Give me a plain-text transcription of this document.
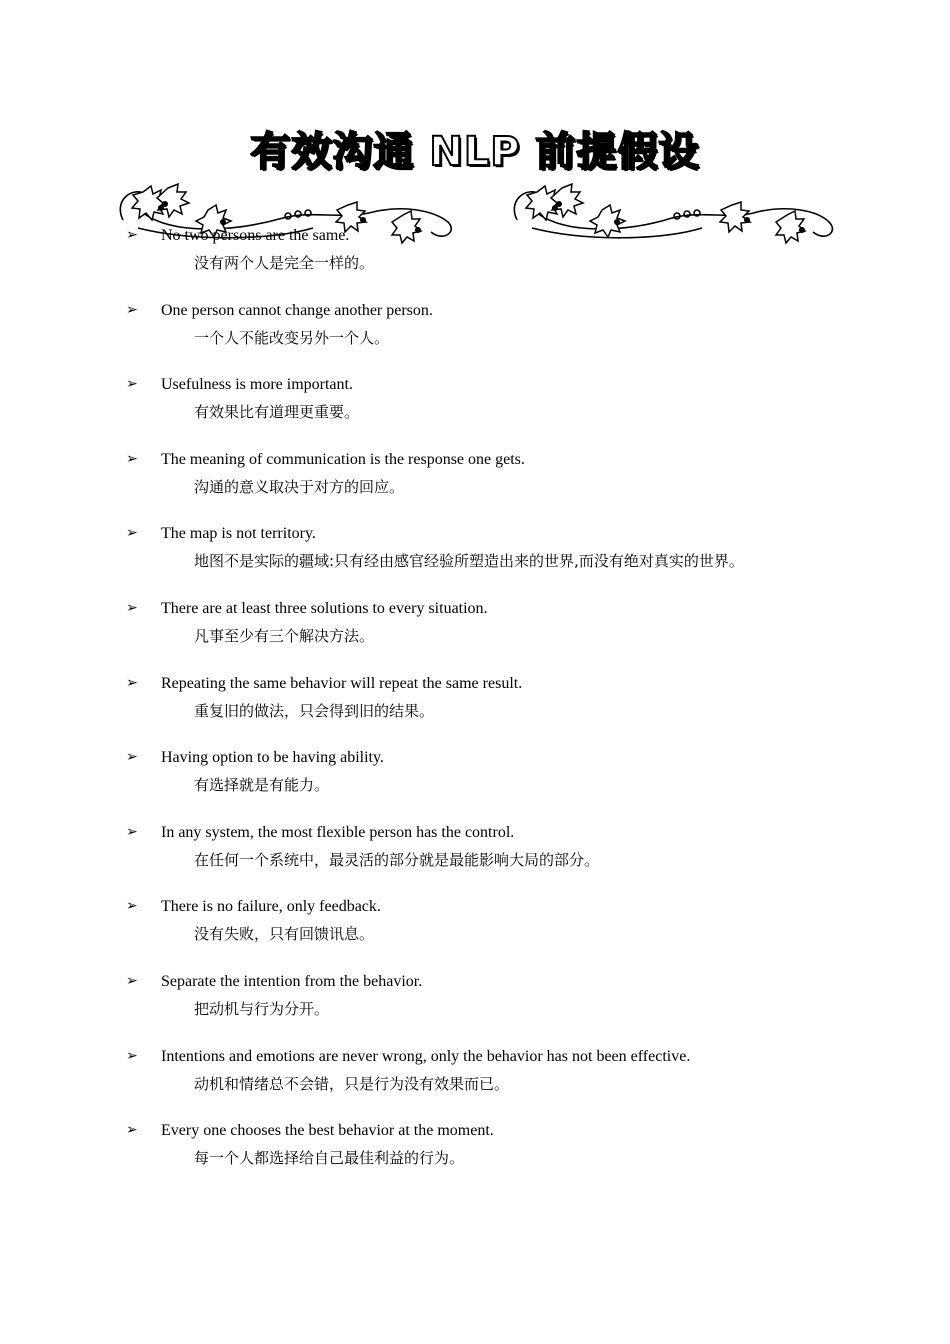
有效沟通 NLP 前提假设
➢ No two persons are the same.
没有两个人是完全一样的。
➢ One person cannot change another person.
一个人不能改变另外一个人。
➢ Usefulness is more important.
有效果比有道理更重要。
➢ The meaning of communication is the response one gets.
沟通的意义取决于对方的回应。
➢ The map is not territory.
地图不是实际的疆域:只有经由感官经验所塑造出来的世界,而没有绝对真实的世界。
➢ There are at least three solutions to every situation.
凡事至少有三个解决方法。
➢ Repeating the same behavior will repeat the same result.
重复旧的做法，只会得到旧的结果。
➢ Having option to be having ability.
有选择就是有能力。
➢ In any system, the most flexible person has the control.
在任何一个系统中，最灵活的部分就是最能影响大局的部分。
➢ There is no failure, only feedback.
没有失败，只有回馈讯息。
➢ Separate the intention from the behavior.
把动机与行为分开。
➢ Intentions and emotions are never wrong, only the behavior has not been effective.
动机和情绪总不会错，只是行为没有效果而已。
➢ Every one chooses the best behavior at the moment.
每一个人都选择给自己最佳利益的行为。
